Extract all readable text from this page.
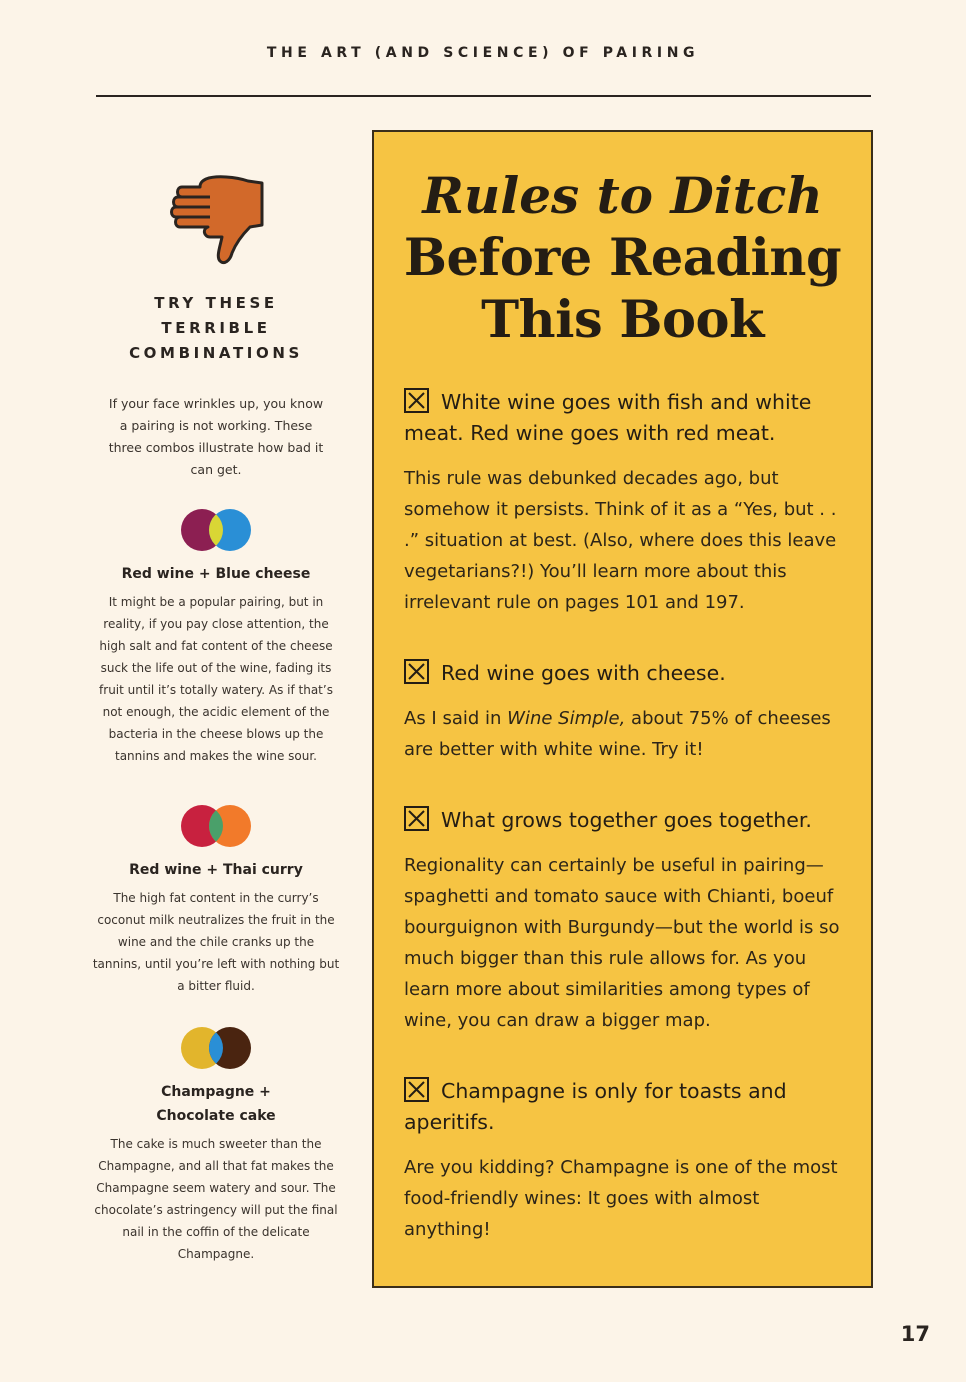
THE ART (AND SCIENCE) OF PAIRING
TRY THESE
TERRIBLE
COMBINATIONS

If your face wrinkles up, you know a pairing is not working. These three combos illustrate how bad it can get.

Red wine + Blue cheese

It might be a popular pairing, but in reality, if you pay close attention, the high salt and fat content of the cheese suck the life out of the wine, fading its fruit until it’s totally watery. As if that’s not enough, the acidic element of the bacteria in the cheese blows up the tannins and makes the wine sour.

Red wine + Thai curry

The high fat content in the curry’s coconut milk neutralizes the fruit in the wine and the chile cranks up the tannins, until you’re left with nothing but a bitter fluid.

Champagne +
Chocolate cake

The cake is much sweeter than the Champagne, and all that fat makes the Champagne seem watery and sour. The chocolate’s astringency will put the final nail in the coffin of the delicate Champagne.

Rules to Ditch
Before Reading
This Book
White wine goes with fish and white meat. Red wine goes with red meat.

This rule was debunked decades ago, but somehow it persists. Think of it as a “Yes, but . . .” situation at best. (Also, where does this leave vegetarians?!) You’ll learn more about this irrelevant rule on pages 101 and 197.

Red wine goes with cheese.

As I said in Wine Simple, about 75% of cheeses are better with white wine. Try it!

What grows together goes together.

Regionality can certainly be useful in pairing—spaghetti and tomato sauce with Chianti, boeuf bourguignon with Burgundy—but the world is so much bigger than this rule allows for. As you learn more about similarities among types of wine, you can draw a bigger map.

Champagne is only for toasts and aperitifs.

Are you kidding? Champagne is one of the most food-friendly wines: It goes with almost anything!

17
